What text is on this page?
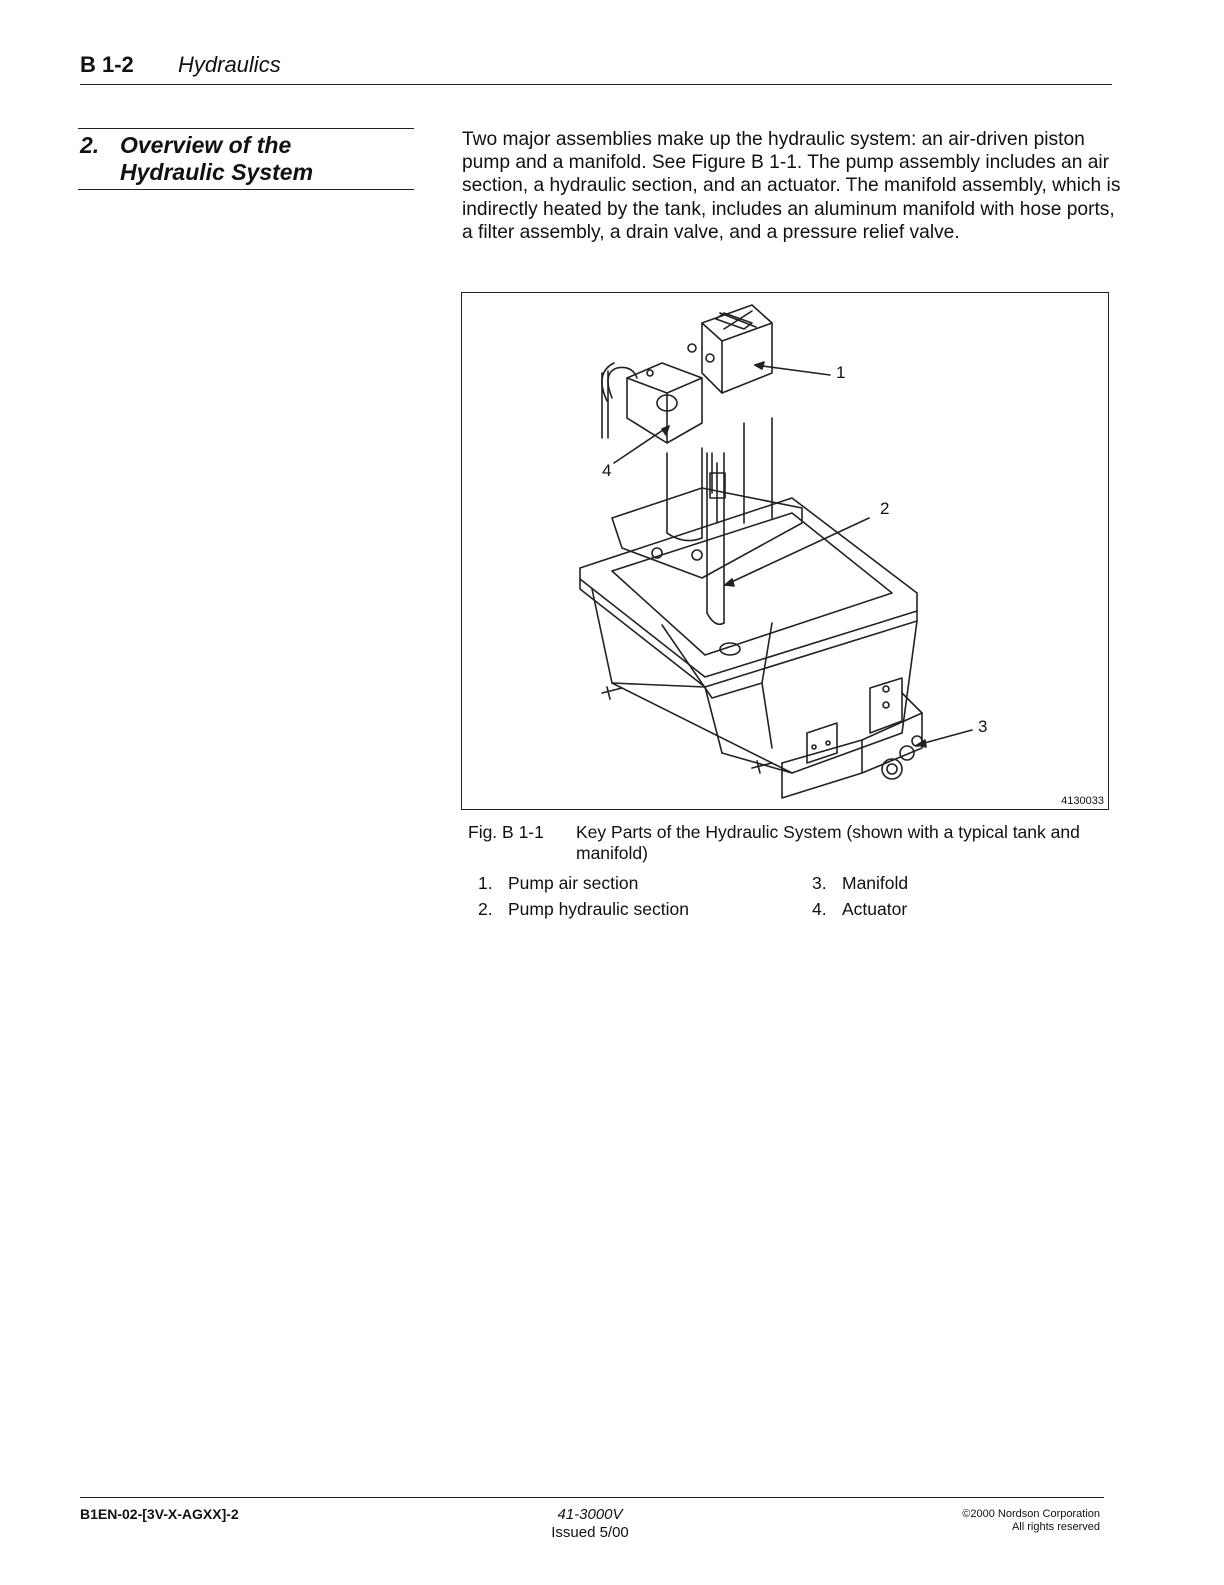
B 1-2 Hydraulics
2. Overview of the
Hydraulic System

Two major assemblies make up the hydraulic system: an air-driven piston pump and a manifold. See Figure B 1-1. The pump assembly includes an air section, a hydraulic section, and an actuator. The manifold assembly, which is indirectly heated by the tank, includes an aluminum manifold with hose ports, a filter assembly, a drain valve, and a pressure relief valve.

1
2
3
4
4130033
Fig. B 1-1 Key Parts of the Hydraulic System (shown with a typical tank and manifold)
1. Pump air section
2. Pump hydraulic section
3. Manifold
4. Actuator
B1EN-02-[3V-X-AGXX]-2	41-3000V
Issued 5/00
©2000 Nordson Corporation
All rights reserved
